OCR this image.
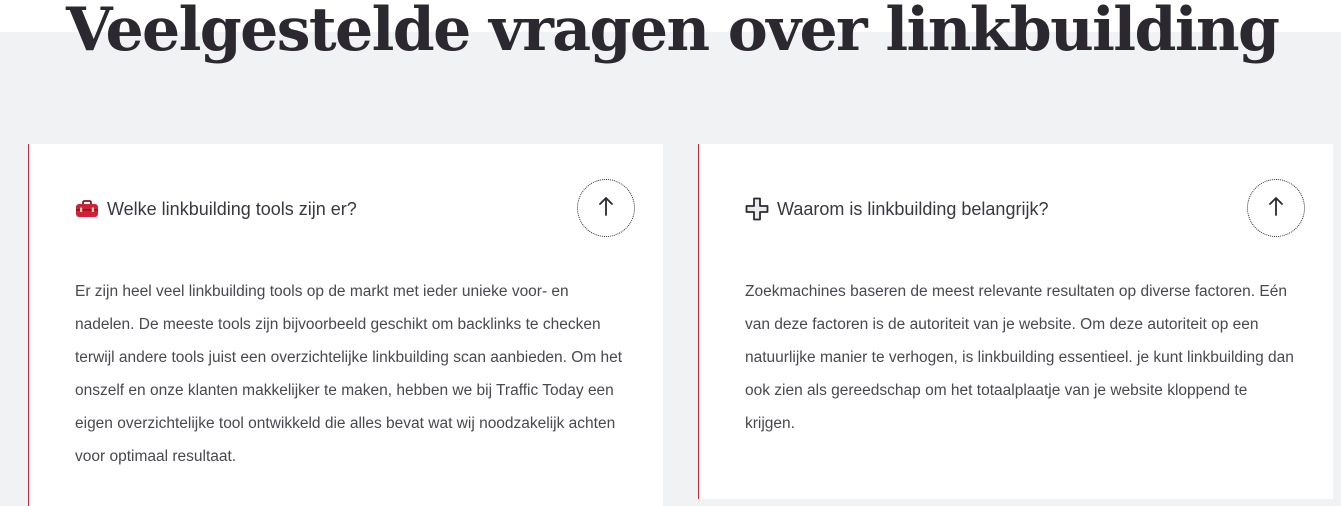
Veelgestelde vragen over linkbuilding
Welke linkbuilding tools zijn er?

Er zijn heel veel linkbuilding tools op de markt met ieder unieke voor- en nadelen. De meeste tools zijn bijvoorbeeld geschikt om backlinks te checken terwijl andere tools juist een overzichtelijke linkbuilding scan aanbieden. Om het onszelf en onze klanten makkelijker te maken, hebben we bij Traffic Today een eigen overzichtelijke tool ontwikkeld die alles bevat wat wij noodzakelijk achten voor optimaal resultaat.

Waarom is linkbuilding belangrijk?

Zoekmachines baseren de meest relevante resultaten op diverse factoren. Eén van deze factoren is de autoriteit van je website. Om deze autoriteit op een natuurlijke manier te verhogen, is linkbuilding essentieel. je kunt linkbuilding dan ook zien als gereedschap om het totaalplaatje van je website kloppend te krijgen.
